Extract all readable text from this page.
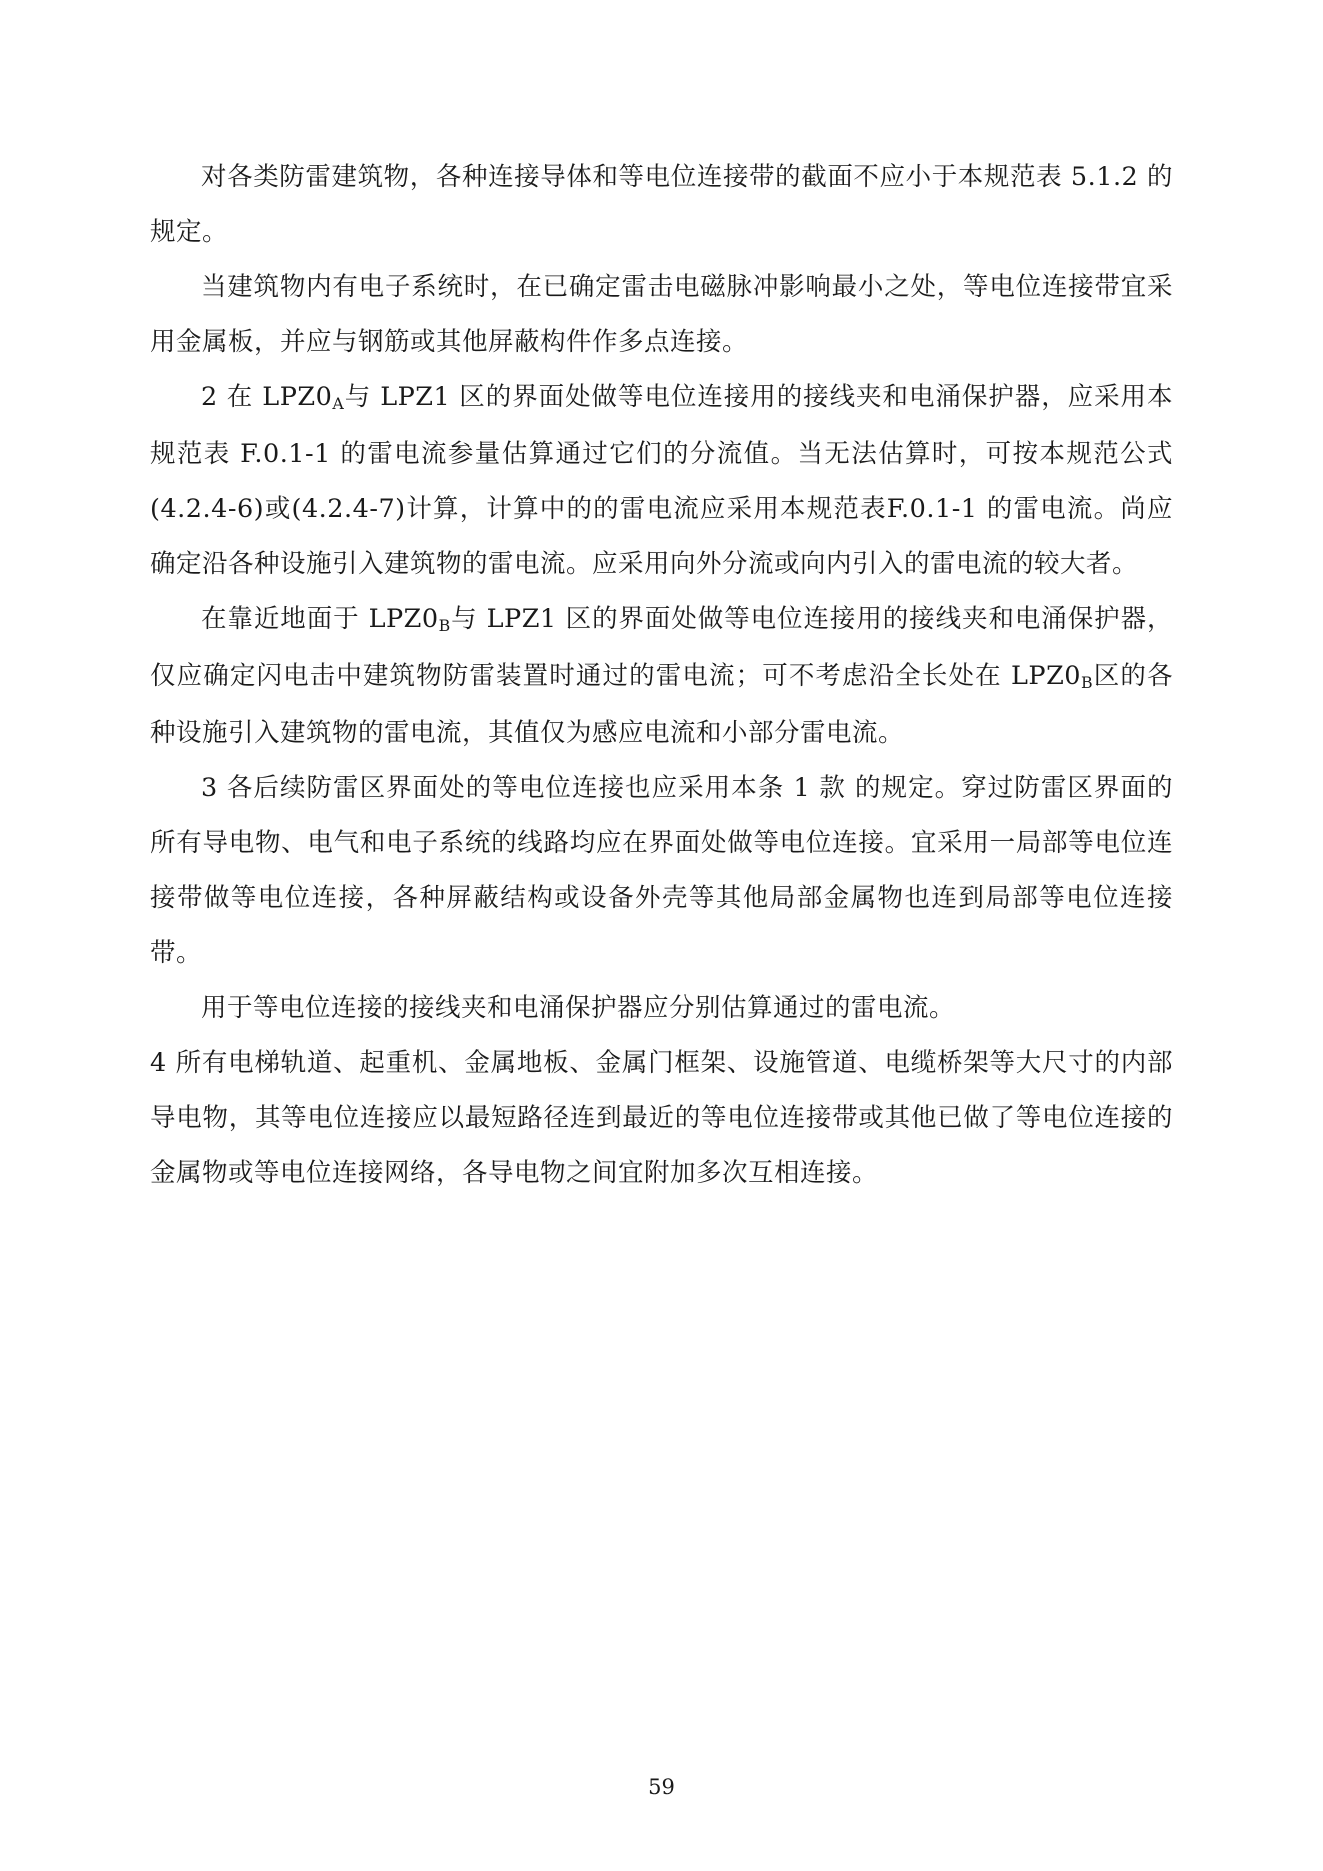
对各类防雷建筑物，各种连接导体和等电位连接带的截面不应小于本规范表 5.1.2 的规定。

当建筑物内有电子系统时，在已确定雷击电磁脉冲影响最小之处，等电位连接带宜采用金属板，并应与钢筋或其他屏蔽构件作多点连接。

2 在 $LPZ0_A$与 LPZ1 区的界面处做等电位连接用的接线夹和电涌保护器，应采用本规范表 F.0.1-1 的雷电流参量估算通过它们的分流值。当无法估算时，可按本规范公式 (4.2.4-6)或(4.2.4-7)计算，计算中的的雷电流应采用本规范表F.0.1-1 的雷电流。尚应确定沿各种设施引入建筑物的雷电流。应采用向外分流或向内引入的雷电流的较大者。

在靠近地面于 $LPZ0_B$与 LPZ1 区的界面处做等电位连接用的接线夹和电涌保护器，仅应确定闪电击中建筑物防雷装置时通过的雷电流；可不考虑沿全长处在 $LPZ0_B$区的各种设施引入建筑物的雷电流，其值仅为感应电流和小部分雷电流。

3 各后续防雷区界面处的等电位连接也应采用本条 1 款 的规定。穿过防雷区界面的所有导电物、电气和电子系统的线路均应在界面处做等电位连接。宜采用一局部等电位连接带做等电位连接，各种屏蔽结构或设备外壳等其他局部金属物也连到局部等电位连接带。

用于等电位连接的接线夹和电涌保护器应分别估算通过的雷电流。

4 所有电梯轨道、起重机、金属地板、金属门框架、设施管道、电缆桥架等大尺寸的内部导电物，其等电位连接应以最短路径连到最近的等电位连接带或其他已做了等电位连接的金属物或等电位连接网络，各导电物之间宜附加多次互相连接。

59
